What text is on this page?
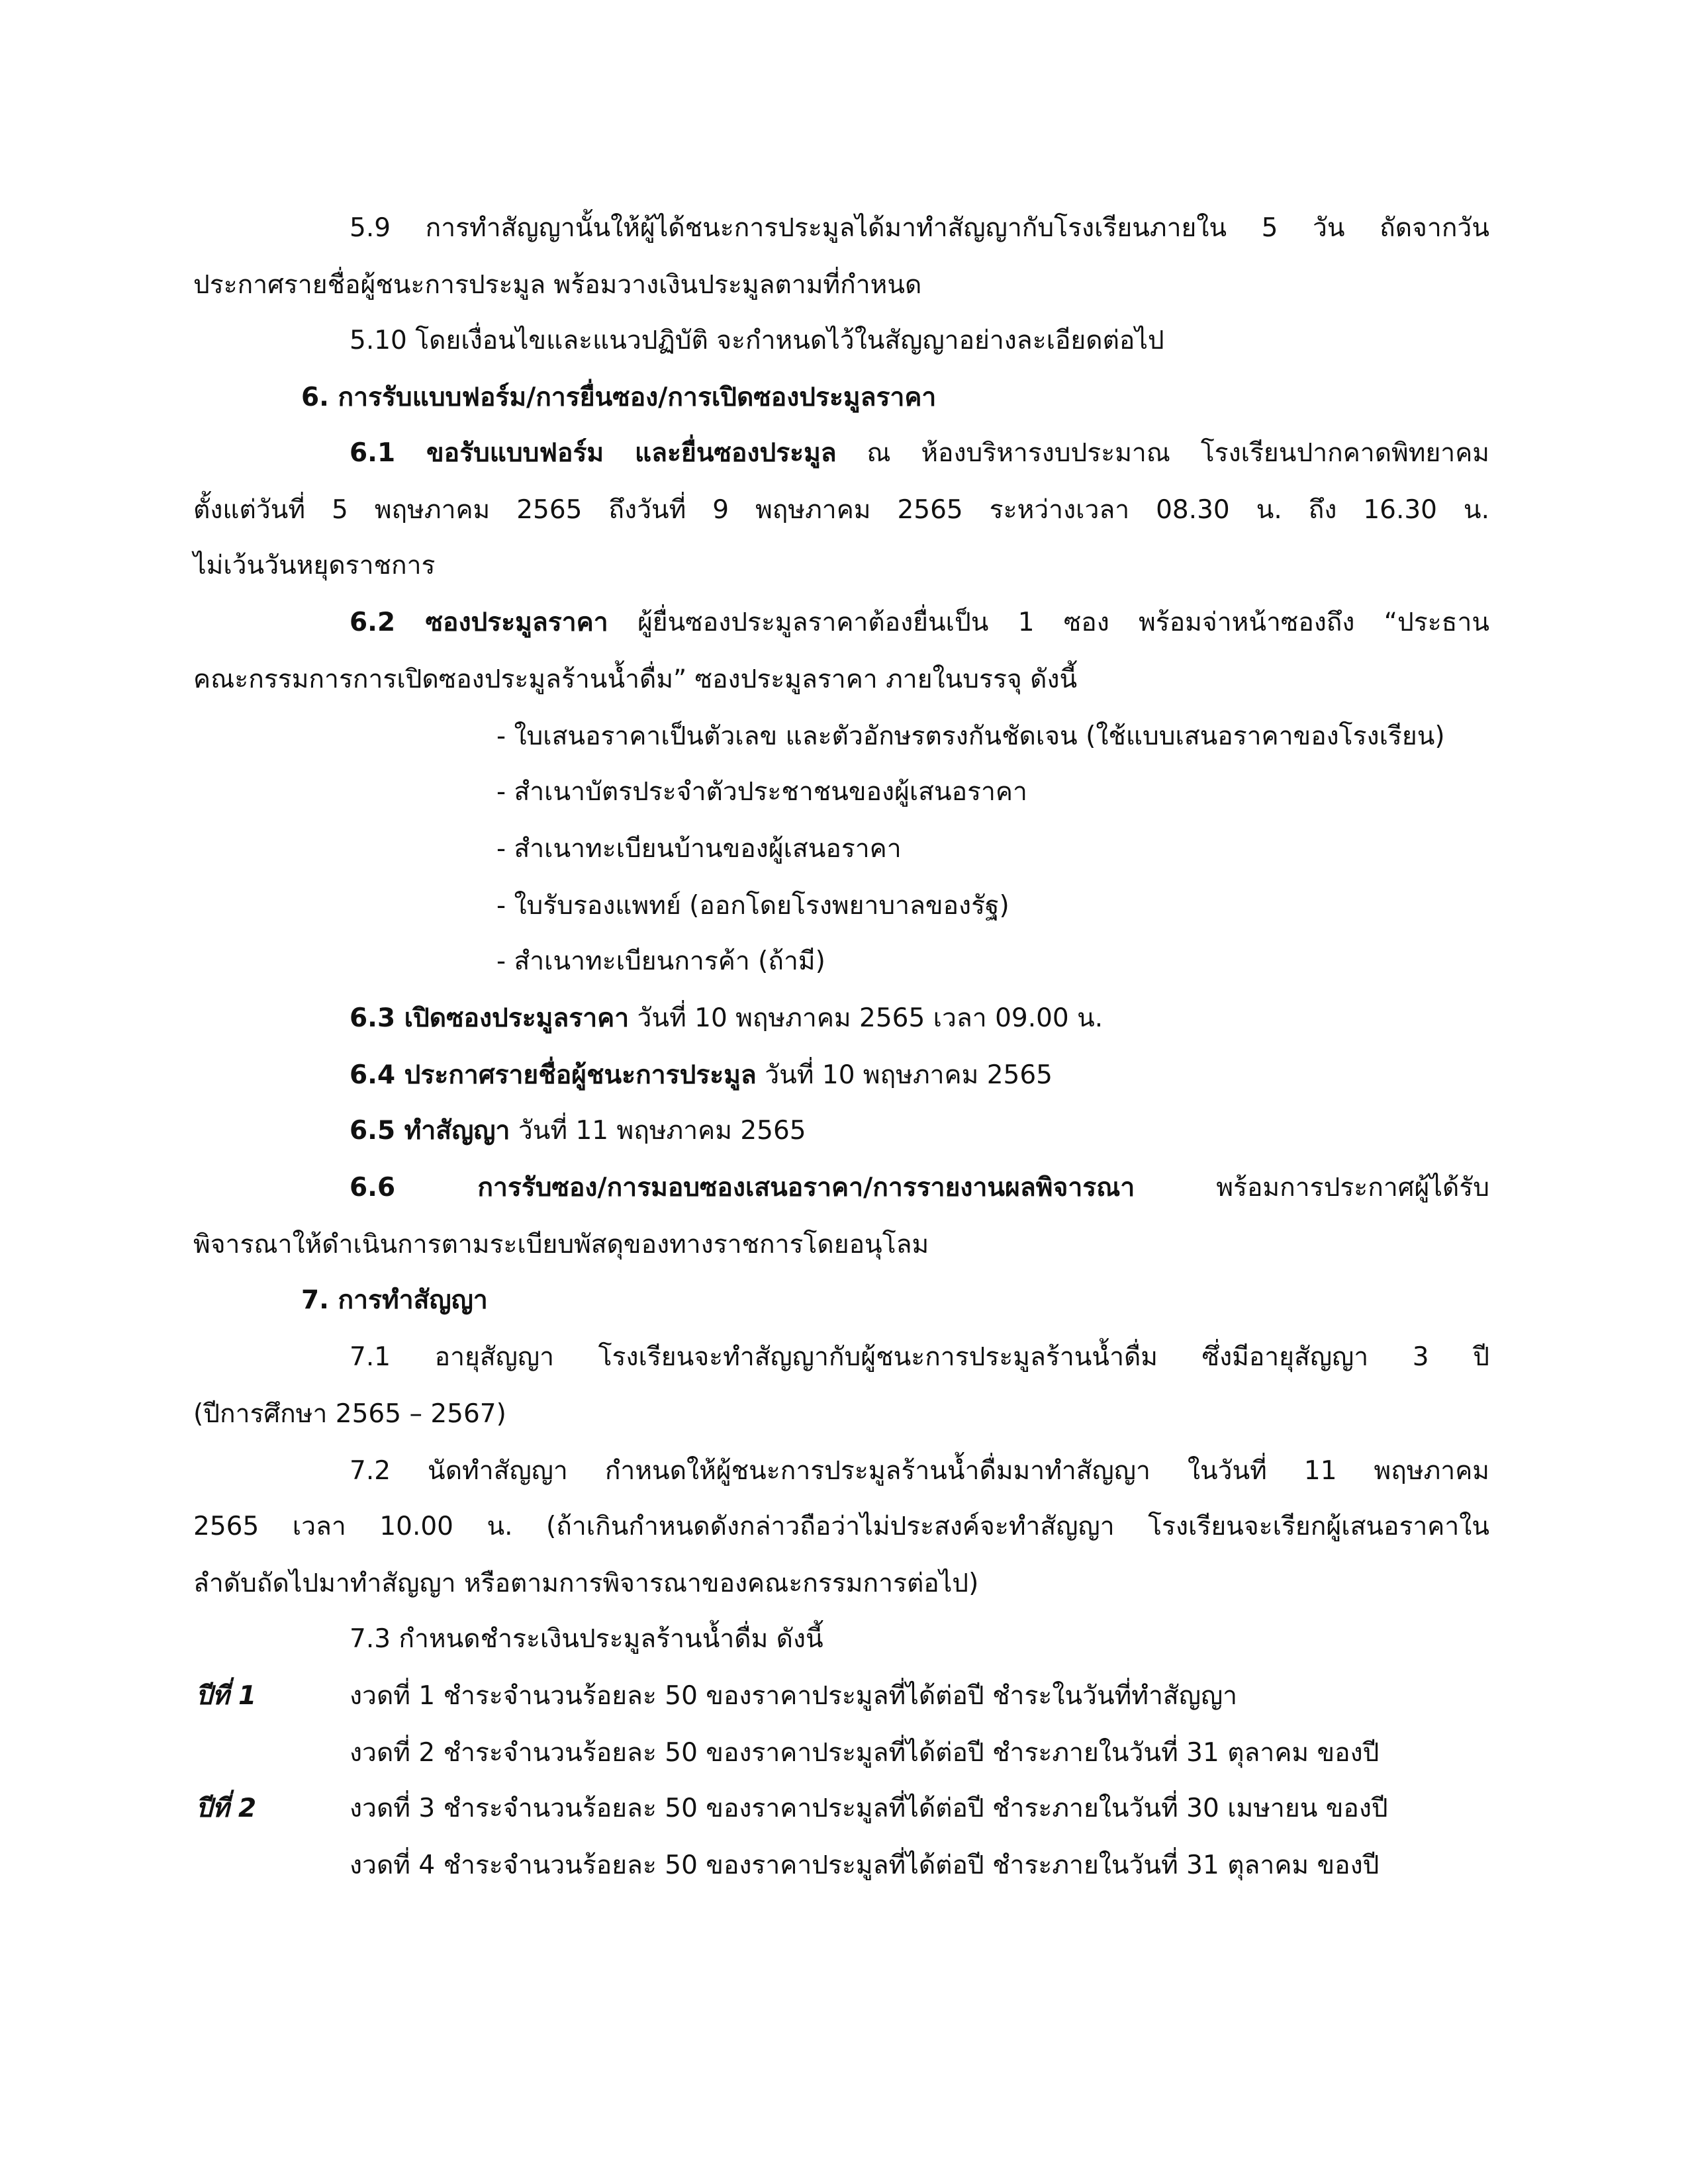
5.9 การทำสัญญานั้นให้ผู้ได้ชนะการประมูลได้มาทำสัญญากับโรงเรียนภายใน 5 วัน ถัดจากวัน
ประกาศรายชื่อผู้ชนะการประมูล พร้อมวางเงินประมูลตามที่กำหนด
5.10 โดยเงื่อนไขและแนวปฏิบัติ จะกำหนดไว้ในสัญญาอย่างละเอียดต่อไป
6. การรับแบบฟอร์ม/การยื่นซอง/การเปิดซองประมูลราคา
6.1 ขอรับแบบฟอร์ม และยื่นซองประมูล ณ ห้องบริหารงบประมาณ โรงเรียนปากคาดพิทยาคม
ตั้งแต่วันที่ 5 พฤษภาคม 2565 ถึงวันที่ 9 พฤษภาคม 2565 ระหว่างเวลา 08.30 น. ถึง 16.30 น.
ไม่เว้นวันหยุดราชการ
6.2 ซองประมูลราคา ผู้ยื่นซองประมูลราคาต้องยื่นเป็น 1 ซอง พร้อมจ่าหน้าซองถึง “ประธาน
คณะกรรมการการเปิดซองประมูลร้านน้ำดื่ม” ซองประมูลราคา ภายในบรรจุ ดังนี้
- ใบเสนอราคาเป็นตัวเลข และตัวอักษรตรงกันชัดเจน (ใช้แบบเสนอราคาของโรงเรียน)
- สำเนาบัตรประจำตัวประชาชนของผู้เสนอราคา
- สำเนาทะเบียนบ้านของผู้เสนอราคา
- ใบรับรองแพทย์ (ออกโดยโรงพยาบาลของรัฐ)
- สำเนาทะเบียนการค้า (ถ้ามี)
6.3 เปิดซองประมูลราคา วันที่ 10 พฤษภาคม 2565 เวลา 09.00 น.
6.4 ประกาศรายชื่อผู้ชนะการประมูล วันที่ 10 พฤษภาคม 2565
6.5 ทำสัญญา วันที่ 11 พฤษภาคม 2565
6.6 การรับซอง/การมอบซองเสนอราคา/การรายงานผลพิจารณา พร้อมการประกาศผู้ได้รับ
พิจารณาให้ดำเนินการตามระเบียบพัสดุของทางราชการโดยอนุโลม
7. การทำสัญญา
7.1 อายุสัญญา โรงเรียนจะทำสัญญากับผู้ชนะการประมูลร้านน้ำดื่ม ซึ่งมีอายุสัญญา 3 ปี
(ปีการศึกษา 2565 – 2567)
7.2 นัดทำสัญญา กำหนดให้ผู้ชนะการประมูลร้านน้ำดื่มมาทำสัญญา ในวันที่ 11 พฤษภาคม
2565 เวลา 10.00 น. (ถ้าเกินกำหนดดังกล่าวถือว่าไม่ประสงค์จะทำสัญญา โรงเรียนจะเรียกผู้เสนอราคาใน
ลำดับถัดไปมาทำสัญญา หรือตามการพิจารณาของคณะกรรมการต่อไป)
7.3 กำหนดชำระเงินประมูลร้านน้ำดื่ม ดังนี้
ปีที่ 1	งวดที่ 1 ชำระจำนวนร้อยละ 50 ของราคาประมูลที่ได้ต่อปี ชำระในวันที่ทำสัญญา
งวดที่ 2 ชำระจำนวนร้อยละ 50 ของราคาประมูลที่ได้ต่อปี ชำระภายในวันที่ 31 ตุลาคม ของปี
ปีที่ 2	งวดที่ 3 ชำระจำนวนร้อยละ 50 ของราคาประมูลที่ได้ต่อปี ชำระภายในวันที่ 30 เมษายน ของปี
งวดที่ 4 ชำระจำนวนร้อยละ 50 ของราคาประมูลที่ได้ต่อปี ชำระภายในวันที่ 31 ตุลาคม ของปี
